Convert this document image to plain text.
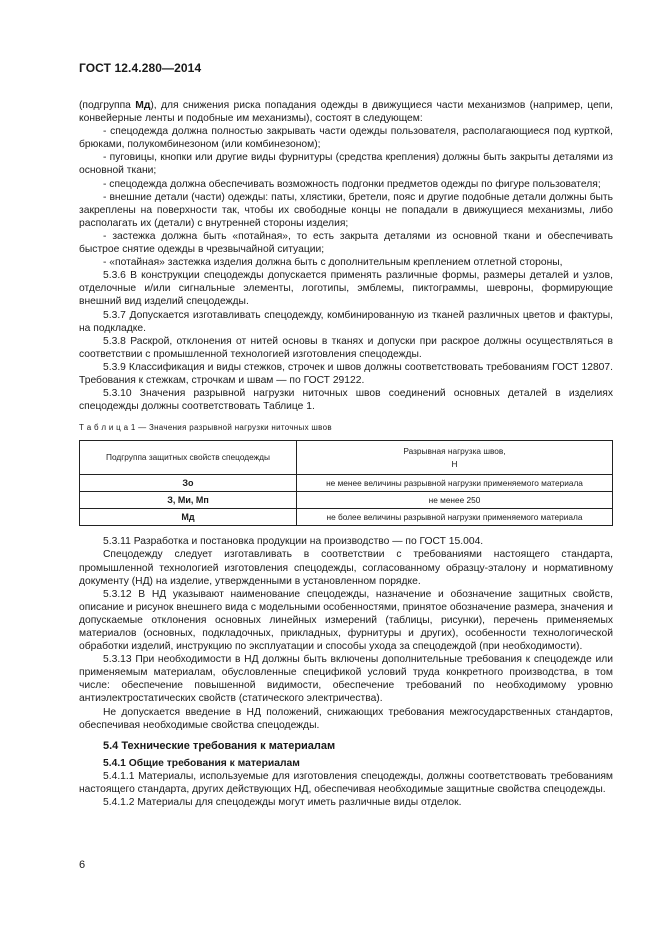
ГОСТ 12.4.280—2014

(подгруппа Мд), для снижения риска попадания одежды в движущиеся части механизмов (например, цепи, конвейерные ленты и подобные им механизмы), состоят в следующем:

- спецодежда должна полностью закрывать части одежды пользователя, располагающиеся под курткой, брюками, полукомбинезоном (или комбинезоном);

- пуговицы, кнопки или другие виды фурнитуры (средства крепления) должны быть закрыты деталями из основной ткани;

- спецодежда должна обеспечивать возможность подгонки предметов одежды по фигуре пользователя;

- внешние детали (части) одежды: паты, хлястики, бретели, пояс и другие подобные детали должны быть закреплены на поверхности так, чтобы их свободные концы не попадали в движущиеся механизмы, либо располагать их (детали) с внутренней стороны изделия;

- застежка должна быть «потайная», то есть закрыта деталями из основной ткани и обеспечивать быстрое снятие одежды в чрезвычайной ситуации;

- «потайная» застежка изделия должна быть с дополнительным креплением отлетной стороны,

5.3.6 В конструкции спецодежды допускается применять различные формы, размеры деталей и узлов, отделочные и/или сигнальные элементы, логотипы, эмблемы, пиктограммы, шевроны, формирующие внешний вид изделий спецодежды.

5.3.7 Допускается изготавливать спецодежду, комбинированную из тканей различных цветов и фактуры, на подкладке.

5.3.8 Раскрой, отклонения от нитей основы в тканях и допуски при раскрое должны осуществляться в соответствии с промышленной технологией изготовления спецодежды.

5.3.9 Классификация и виды стежков, строчек и швов должны соответствовать требованиям ГОСТ 12807. Требования к стежкам, строчкам и швам — по ГОСТ 29122.

5.3.10 Значения разрывной нагрузки ниточных швов соединений основных деталей в изделиях спецодежды должны соответствовать Таблице 1.

Т а б л и ц а 1 — Значения разрывной нагрузки ниточных швов
Подгруппа защитных свойств спецодежды	Разрывная нагрузка швов,
Н
Зо	не менее величины разрывной нагрузки применяемого материала
З, Ми, Мп	не менее 250
Мд	не более величины разрывной нагрузки применяемого материала

5.3.11 Разработка и постановка продукции на производство — по ГОСТ 15.004.

Спецодежду следует изготавливать в соответствии с требованиями настоящего стандарта, промышленной технологией изготовления спецодежды, согласованному образцу-эталону и нормативному документу (НД) на изделие, утвержденными в установленном порядке.

5.3.12 В НД указывают наименование спецодежды, назначение и обозначение защитных свойств, описание и рисунок внешнего вида с модельными особенностями, принятое обозначение размера, значения и допускаемые отклонения основных линейных измерений (таблицы, рисунки), перечень применяемых материалов (основных, подкладочных, прикладных, фурнитуры и других), особенности технологической обработки изделий, инструкцию по эксплуатации и способы ухода за спецодеждой (при необходимости).

5.3.13 При необходимости в НД должны быть включены дополнительные требования к спецодежде или применяемым материалам, обусловленные спецификой условий труда конкретного производства, в том числе: обеспечение повышенной видимости, обеспечение требований по необходимому уровню антиэлектростатических свойств (статического электричества).

Не допускается введение в НД положений, снижающих требования межгосударственных стандартов, обеспечивая необходимые свойства спецодежды.

5.4 Технические требования к материалам
5.4.1 Общие требования к материалам

5.4.1.1 Материалы, используемые для изготовления спецодежды, должны соответствовать требованиям настоящего стандарта, других действующих НД, обеспечивая необходимые защитные свойства спецодежды.

5.4.1.2 Материалы для спецодежды могут иметь различные виды отделок.

6
